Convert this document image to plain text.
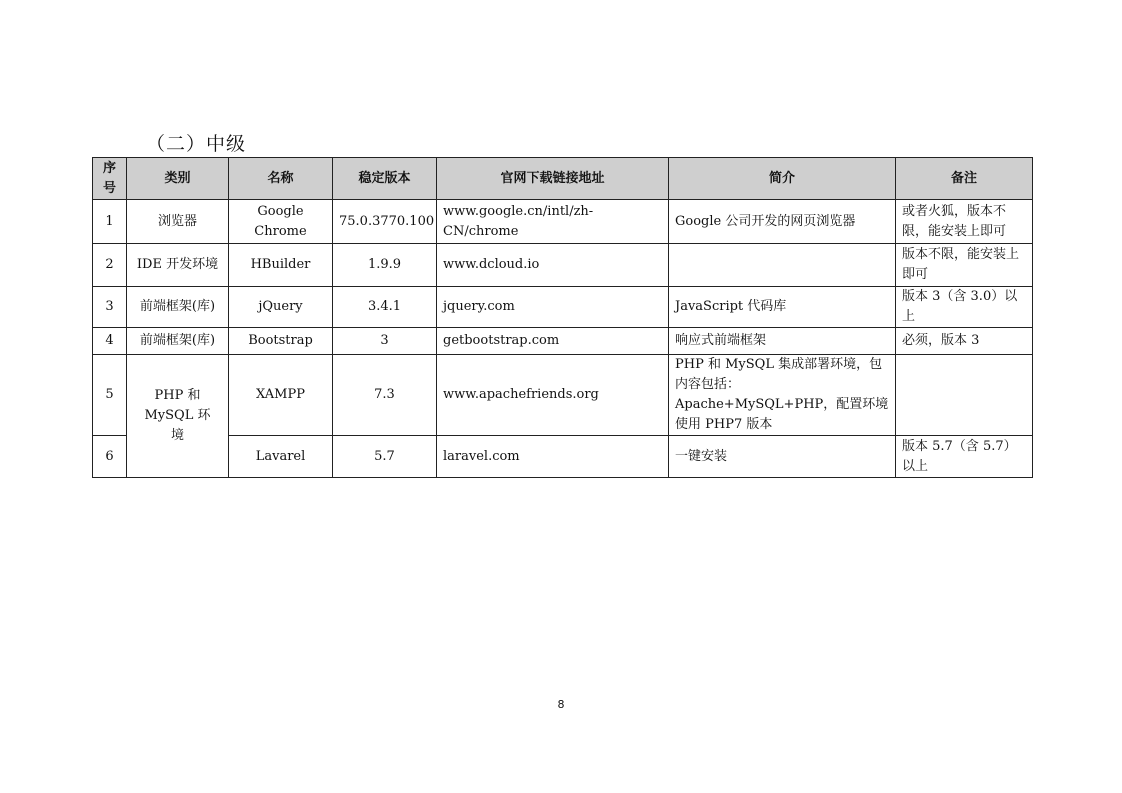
（二）中级
序号	类别	名称	稳定版本	官网下载链接地址	简介	备注
1	浏览器	Google Chrome	75.0.3770.100	www.google.cn/intl/zh-CN/chrome	Google 公司开发的网页浏览器	或者火狐，版本不限，能安装上即可
2	IDE 开发环境	HBuilder	1.9.9	www.dcloud.io		版本不限，能安装上即可
3	前端框架(库)	jQuery	3.4.1	jquery.com	JavaScript 代码库	版本 3（含 3.0）以上
4	前端框架(库)	Bootstrap	3	getbootstrap.com	响应式前端框架	必须，版本 3
5	PHP 和 MySQL 环境	XAMPP	7.3	www.apachefriends.org	PHP 和 MySQL 集成部署环境，包内容包括：Apache+MySQL+PHP，配置环境使用 PHP7 版本	
6		Lavarel	5.7	laravel.com	一键安装	版本 5.7（含 5.7）以上
8
